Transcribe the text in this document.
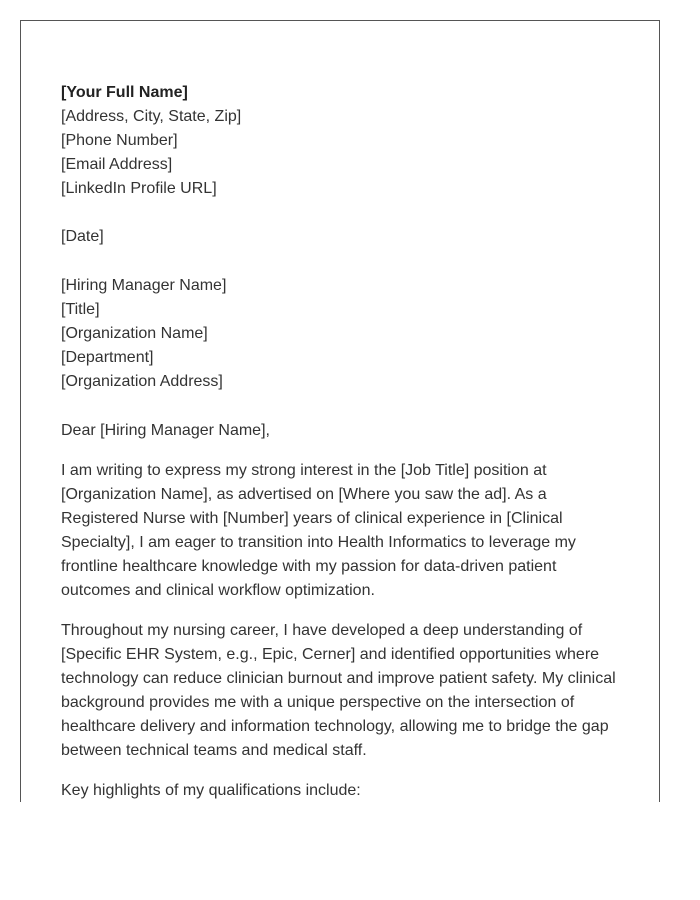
[Your Full Name]
[Address, City, State, Zip]
[Phone Number]
[Email Address]
[LinkedIn Profile URL]
[Date]
[Hiring Manager Name]
[Title]
[Organization Name]
[Department]
[Organization Address]
Dear [Hiring Manager Name],

I am writing to express my strong interest in the [Job Title] position at [Organization Name], as advertised on [Where you saw the ad]. As a Registered Nurse with [Number] years of clinical experience in [Clinical Specialty], I am eager to transition into Health Informatics to leverage my frontline healthcare knowledge with my passion for data-driven patient outcomes and clinical workflow optimization.

Throughout my nursing career, I have developed a deep understanding of [Specific EHR System, e.g., Epic, Cerner] and identified opportunities where technology can reduce clinician burnout and improve patient safety. My clinical background provides me with a unique perspective on the intersection of healthcare delivery and information technology, allowing me to bridge the gap between technical teams and medical staff.

Key highlights of my qualifications include:
